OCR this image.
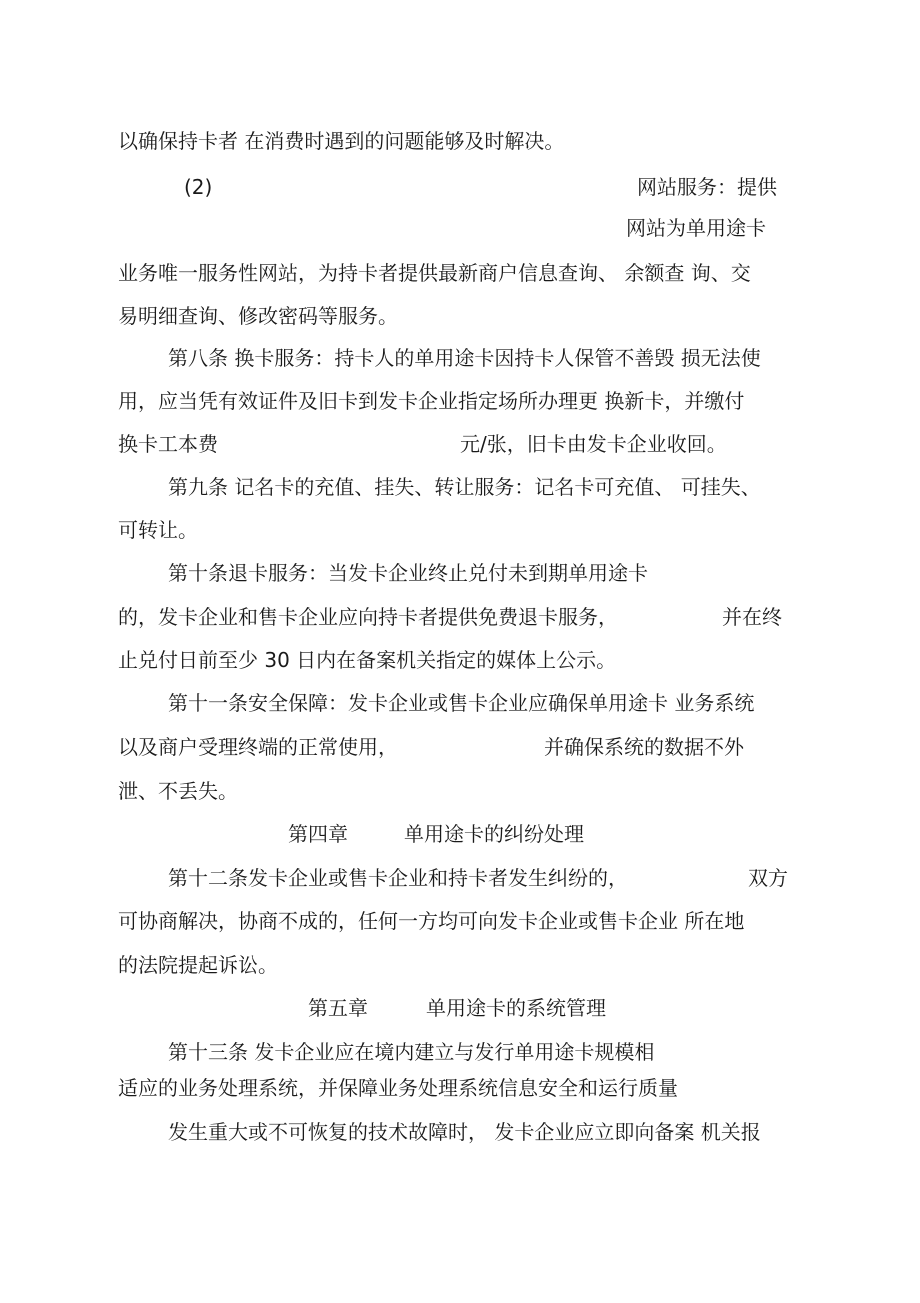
以确保持卡者 在消费时遇到的问题能够及时解决。
(2)	网站服务：提供
网站为单用途卡
业务唯一服务性网站，为持卡者提供最新商户信息查询、 余额查 询、交
易明细查询、修改密码等服务。
第八条 换卡服务：持卡人的单用途卡因持卡人保管不善毁 损无法使
用，应当凭有效证件及旧卡到发卡企业指定场所办理更 换新卡，并缴付
换卡工本费	元/张，旧卡由发卡企业收回。
第九条 记名卡的充值、挂失、转让服务：记名卡可充值、 可挂失、
可转让。
第十条退卡服务：当发卡企业终止兑付未到期单用途卡
的，发卡企业和售卡企业应向持卡者提供免费退卡服务，	并在终
止兑付日前至少 30 日内在备案机关指定的媒体上公示。
第十一条安全保障：发卡企业或售卡企业应确保单用途卡 业务系统
以及商户受理终端的正常使用，	并确保系统的数据不外
泄、不丢失。
第四章	单用途卡的纠纷处理
第十二条发卡企业或售卡企业和持卡者发生纠纷的，	双方
可协商解决，协商不成的，任何一方均可向发卡企业或售卡企业 所在地
的法院提起诉讼。
第五章	单用途卡的系统管理
第十三条 发卡企业应在境内建立与发行单用途卡规模相
适应的业务处理系统，并保障业务处理系统信息安全和运行质量
发生重大或不可恢复的技术故障时， 发卡企业应立即向备案 机关报
